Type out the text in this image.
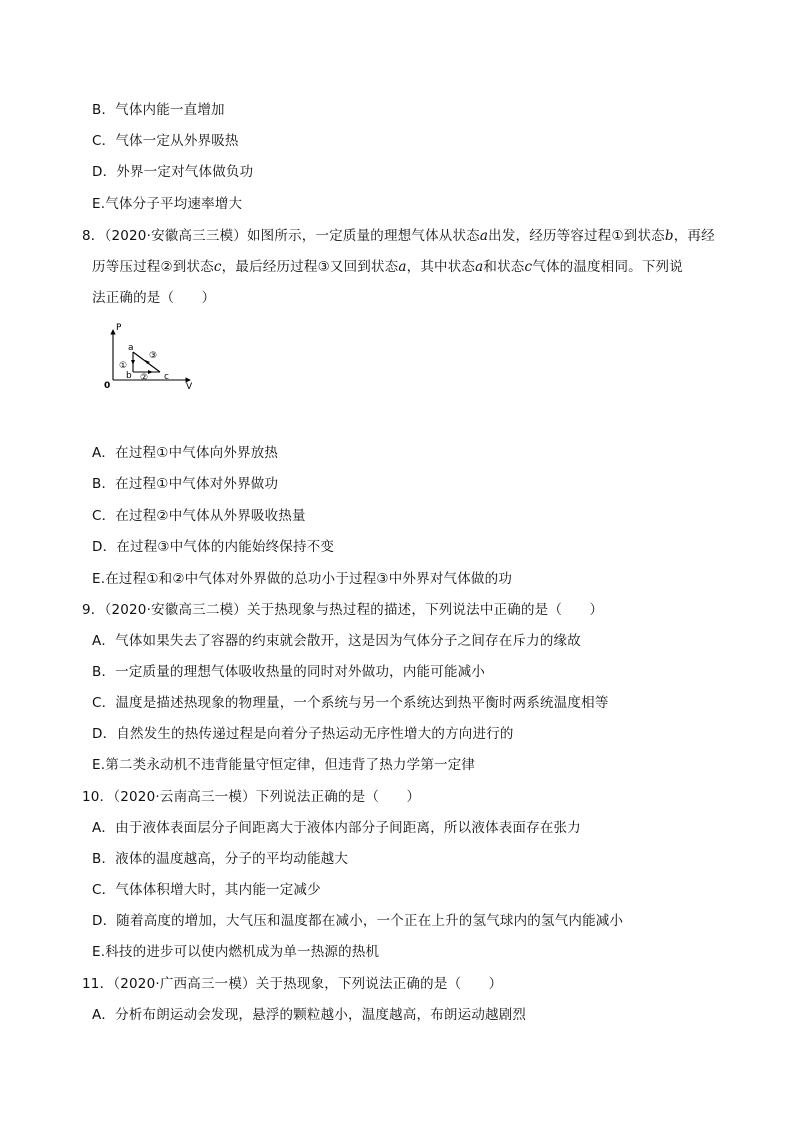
B．气体内能一直增加
C．气体一定从外界吸热
D．外界一定对气体做负功
E.气体分子平均速率增大
8．（2020·安徽高三三模）如图所示，一定质量的理想气体从状态a出发，经历等容过程①到状态b，再经
历等压过程②到状态c，最后经历过程③又回到状态a，其中状态a和状态c气体的温度相同。下列说
法正确的是（　　）
P
V
0
a
b	c
①
②
③
A．在过程①中气体向外界放热
B．在过程①中气体对外界做功
C．在过程②中气体从外界吸收热量
D．在过程③中气体的内能始终保持不变
E.在过程①和②中气体对外界做的总功小于过程③中外界对气体做的功
9．（2020·安徽高三二模）关于热现象与热过程的描述，下列说法中正确的是（　　）
A．气体如果失去了容器的约束就会散开，这是因为气体分子之间存在斥力的缘故
B．一定质量的理想气体吸收热量的同时对外做功，内能可能减小
C．温度是描述热现象的物理量，一个系统与另一个系统达到热平衡时两系统温度相等
D．自然发生的热传递过程是向着分子热运动无序性增大的方向进行的
E.第二类永动机不违背能量守恒定律，但违背了热力学第一定律
10．（2020·云南高三一模）下列说法正确的是（　　）
A．由于液体表面层分子间距离大于液体内部分子间距离，所以液体表面存在张力
B．液体的温度越高，分子的平均动能越大
C．气体体积增大时，其内能一定减少
D．随着高度的增加，大气压和温度都在减小，一个正在上升的氢气球内的氢气内能减小
E.科技的进步可以使内燃机成为单一热源的热机
11．（2020·广西高三一模）关于热现象，下列说法正确的是（　　）
A．分析布朗运动会发现，悬浮的颗粒越小，温度越高，布朗运动越剧烈
